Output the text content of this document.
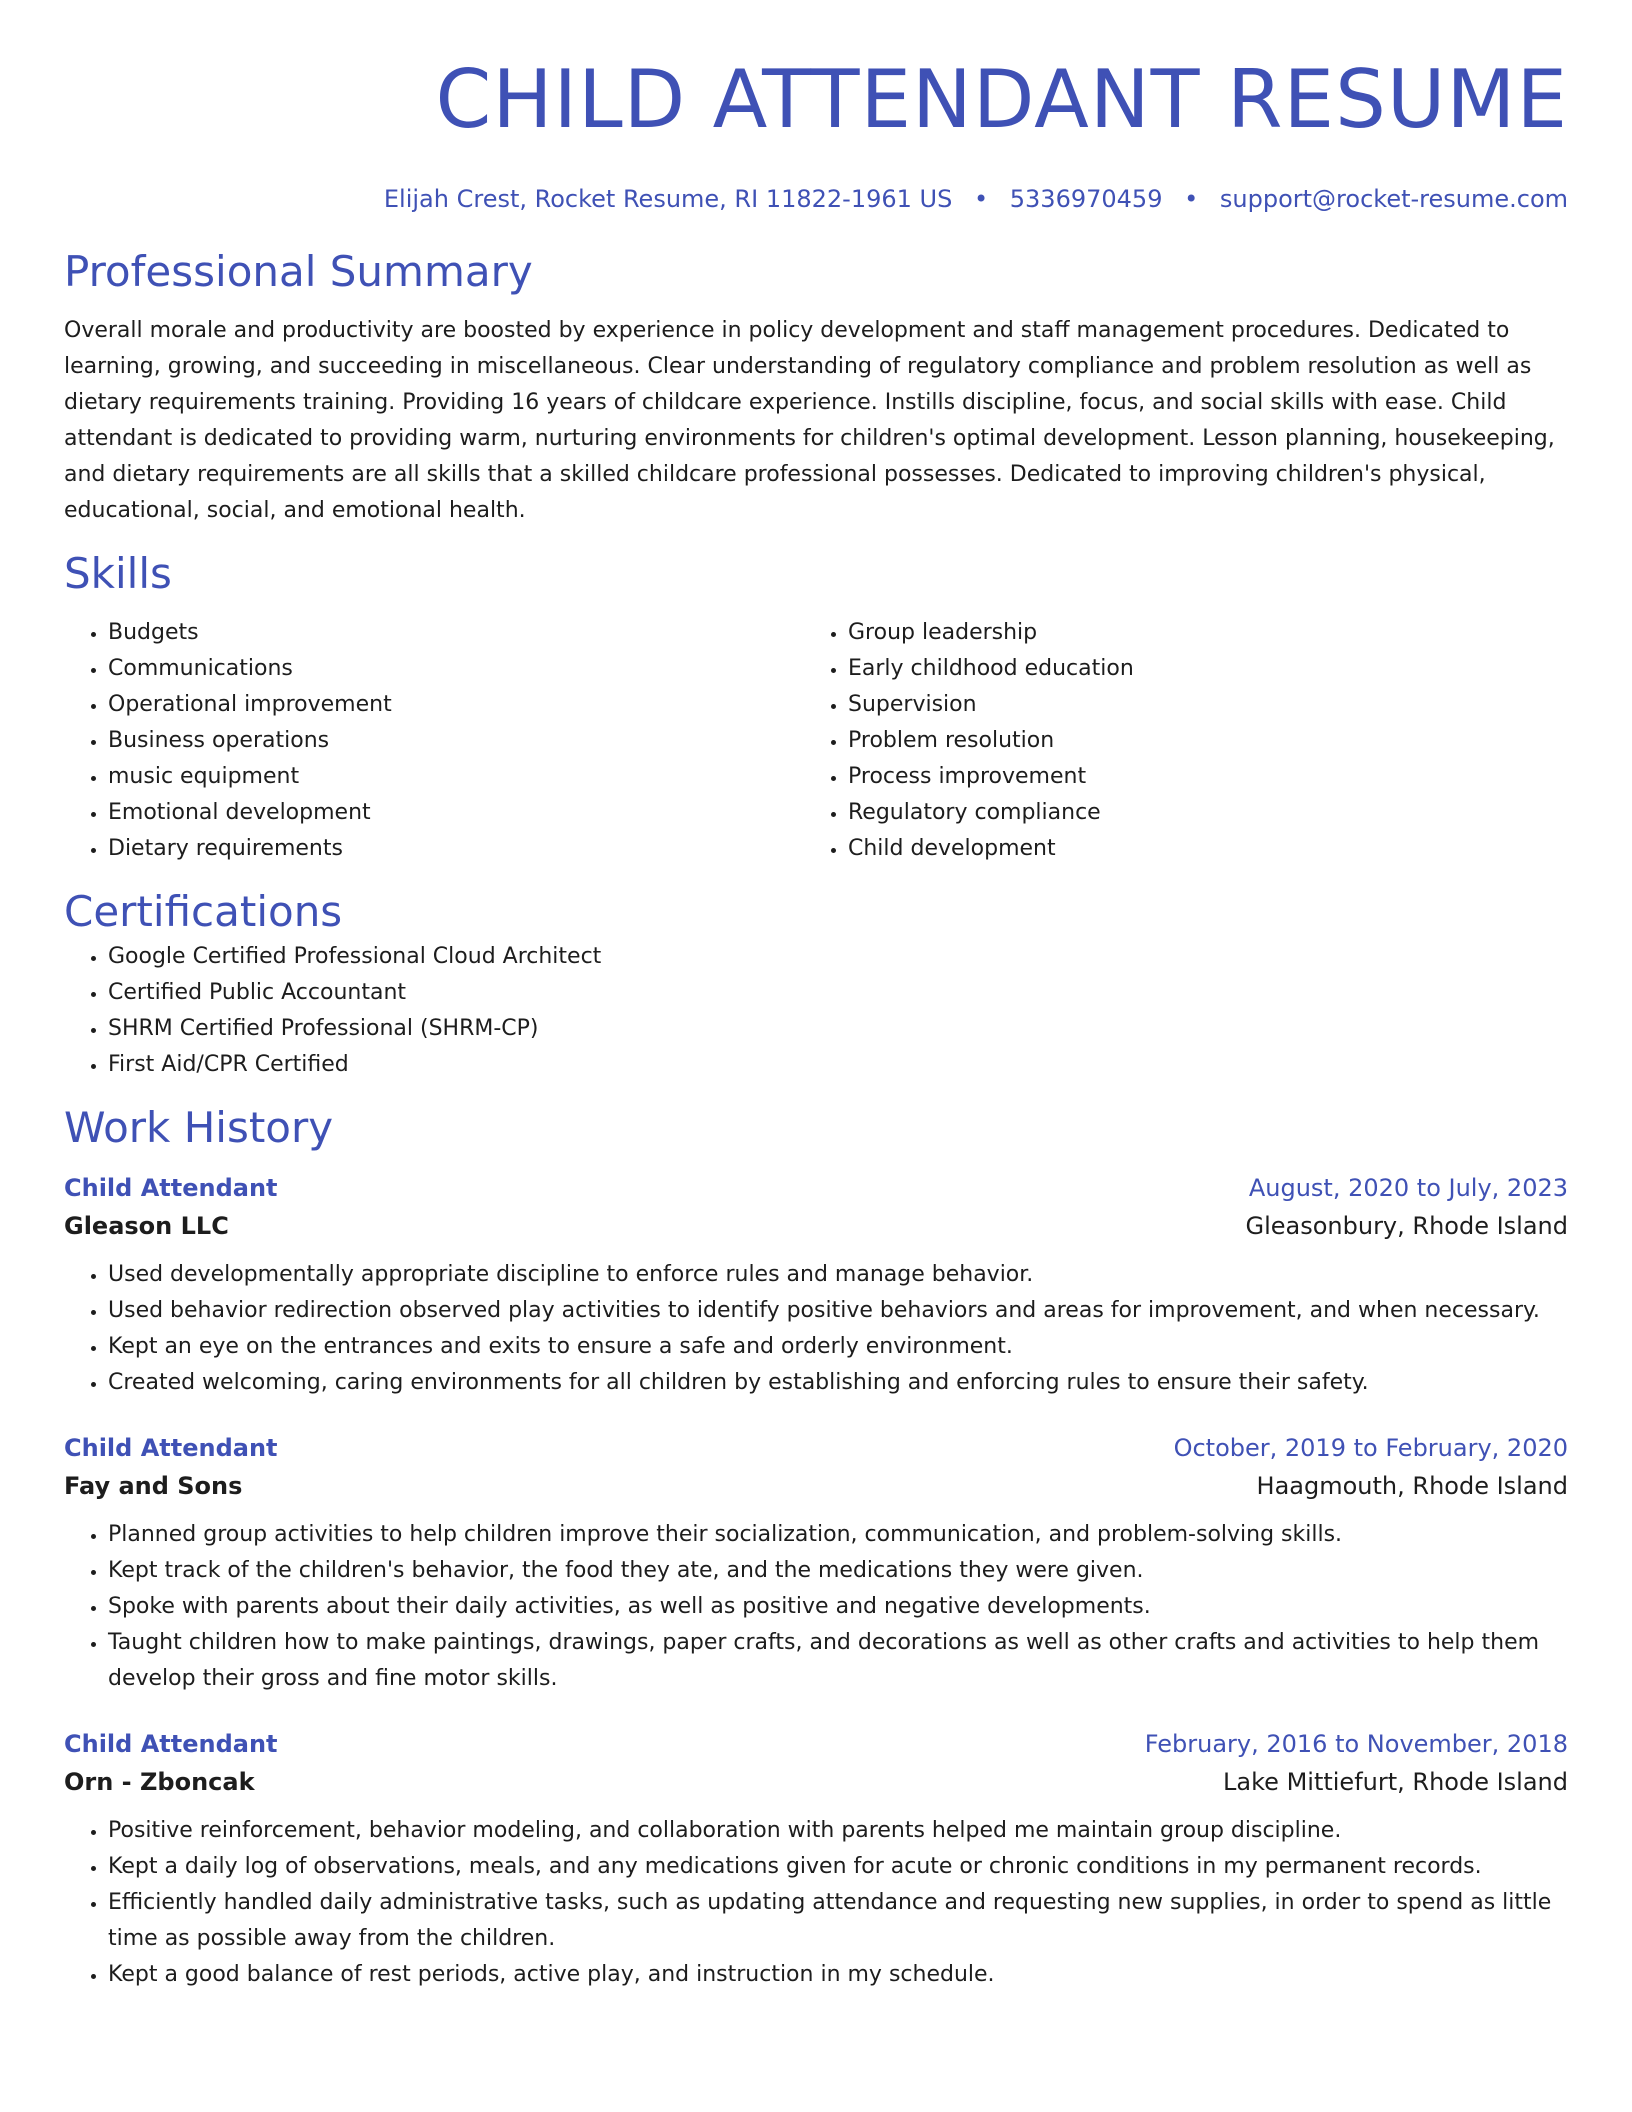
CHILD ATTENDANT RESUME
Elijah Crest, Rocket Resume, RI 11822-1961 US • 5336970459 • support@rocket-resume.com
Professional Summary
Overall morale and productivity are boosted by experience in policy development and staff management procedures. Dedicated to learning, growing, and succeeding in miscellaneous. Clear understanding of regulatory compliance and problem resolution as well as dietary requirements training. Providing 16 years of childcare experience. Instills discipline, focus, and social skills with ease. Child attendant is dedicated to providing warm, nurturing environments for children's optimal development. Lesson planning, housekeeping, and dietary requirements are all skills that a skilled childcare professional possesses. Dedicated to improving children's physical, educational, social, and emotional health.
Skills
• Budgets
• Communications
• Operational improvement
• Business operations
• music equipment
• Emotional development
• Dietary requirements
• Group leadership
• Early childhood education
• Supervision
• Problem resolution
• Process improvement
• Regulatory compliance
• Child development
Certifications
• Google Certified Professional Cloud Architect
• Certified Public Accountant
• SHRM Certified Professional (SHRM-CP)
• First Aid/CPR Certified
Work History
Child Attendant	August, 2020 to July, 2023
Gleason LLC	Gleasonbury, Rhode Island
• Used developmentally appropriate discipline to enforce rules and manage behavior.
• Used behavior redirection observed play activities to identify positive behaviors and areas for improvement, and when necessary.
• Kept an eye on the entrances and exits to ensure a safe and orderly environment.
• Created welcoming, caring environments for all children by establishing and enforcing rules to ensure their safety.
Child Attendant	October, 2019 to February, 2020
Fay and Sons	Haagmouth, Rhode Island
• Planned group activities to help children improve their socialization, communication, and problem-solving skills.
• Kept track of the children's behavior, the food they ate, and the medications they were given.
• Spoke with parents about their daily activities, as well as positive and negative developments.
• Taught children how to make paintings, drawings, paper crafts, and decorations as well as other crafts and activities to help them develop their gross and fine motor skills.
Child Attendant	February, 2016 to November, 2018
Orn - Zboncak	Lake Mittiefurt, Rhode Island
• Positive reinforcement, behavior modeling, and collaboration with parents helped me maintain group discipline.
• Kept a daily log of observations, meals, and any medications given for acute or chronic conditions in my permanent records.
• Efficiently handled daily administrative tasks, such as updating attendance and requesting new supplies, in order to spend as little time as possible away from the children.
• Kept a good balance of rest periods, active play, and instruction in my schedule.
